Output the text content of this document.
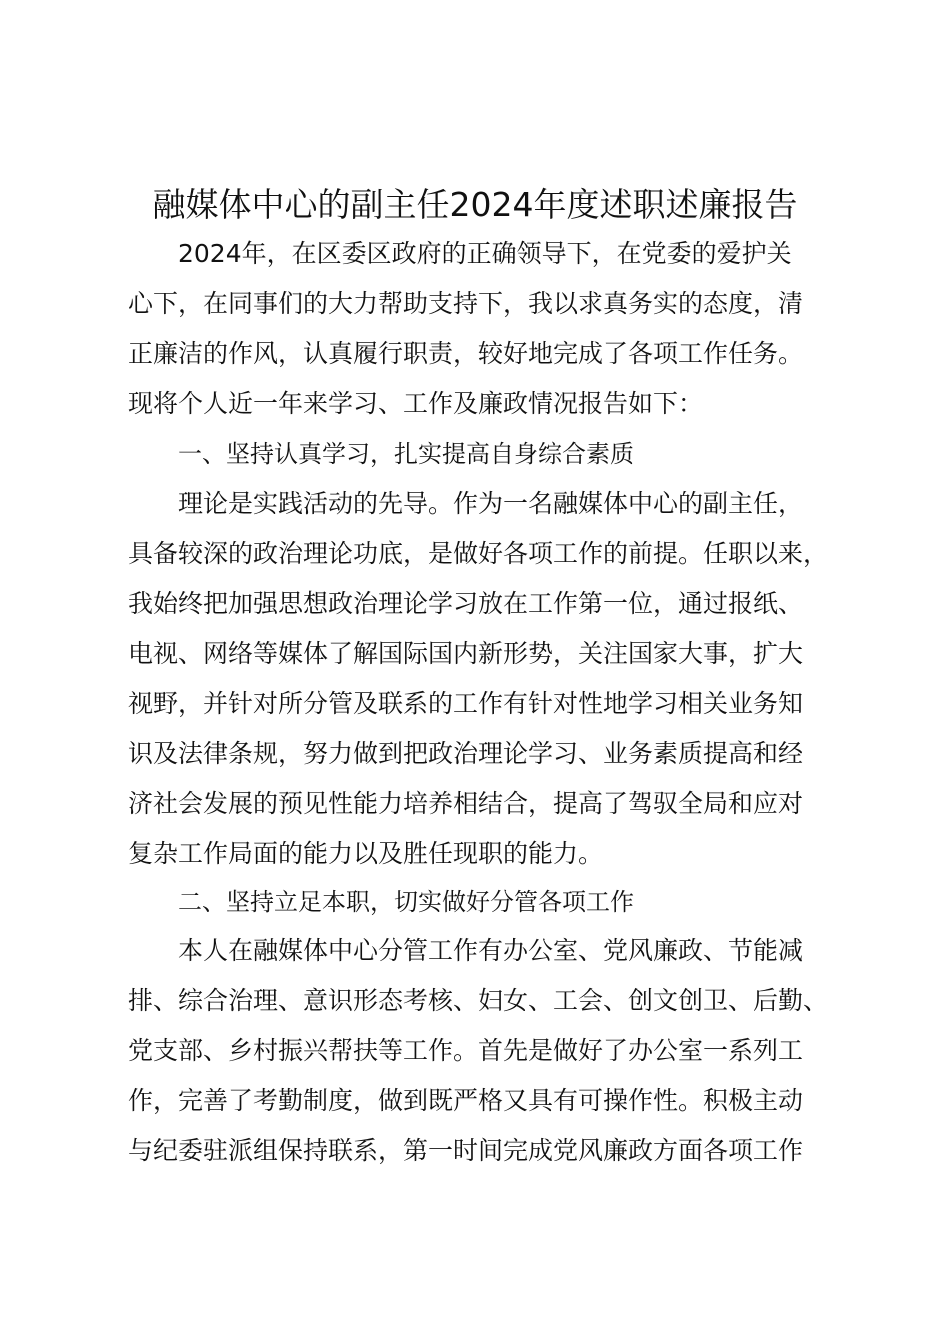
融媒体中心的副主任2024年度述职述廉报告

2024年，在区委区政府的正确领导下，在党委的爱护关

心下，在同事们的大力帮助支持下，我以求真务实的态度，清

正廉洁的作风，认真履行职责，较好地完成了各项工作任务。

现将个人近一年来学习、工作及廉政情况报告如下：

一、坚持认真学习，扎实提高自身综合素质

理论是实践活动的先导。作为一名融媒体中心的副主任，

具备较深的政治理论功底，是做好各项工作的前提。任职以来，

我始终把加强思想政治理论学习放在工作第一位，通过报纸、

电视、网络等媒体了解国际国内新形势，关注国家大事，扩大

视野，并针对所分管及联系的工作有针对性地学习相关业务知

识及法律条规，努力做到把政治理论学习、业务素质提高和经

济社会发展的预见性能力培养相结合，提高了驾驭全局和应对

复杂工作局面的能力以及胜任现职的能力。

二、坚持立足本职，切实做好分管各项工作

本人在融媒体中心分管工作有办公室、党风廉政、节能减

排、综合治理、意识形态考核、妇女、工会、创文创卫、后勤、

党支部、乡村振兴帮扶等工作。首先是做好了办公室一系列工

作，完善了考勤制度，做到既严格又具有可操作性。积极主动

与纪委驻派组保持联系，第一时间完成党风廉政方面各项工作
